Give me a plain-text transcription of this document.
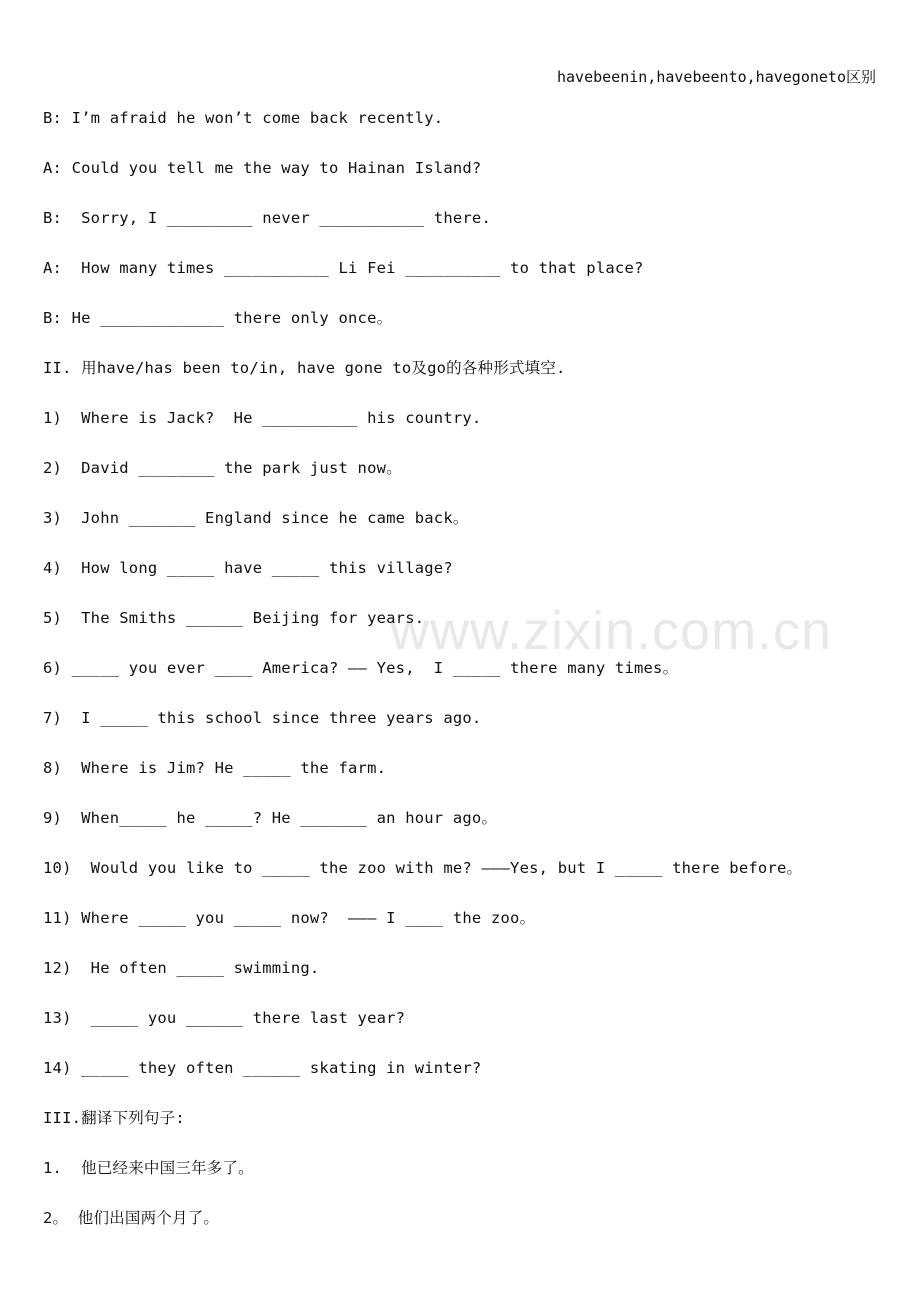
havebeenin,havebeento,havegoneto区别
www.zixin.com.cn
B: I’m afraid he won’t come back recently.
A: Could you tell me the way to Hainan Island?
B:  Sorry, I _________ never ___________ there.
A:  How many times ___________ Li Fei __________ to that place?
B: He _____________ there only once。
II. 用have/has been to/in, have gone to及go的各种形式填空.
1)  Where is Jack?  He __________ his country.
2)  David ________ the park just now。
3)  John _______ England since he came back。
4)  How long _____ have _____ this village?
5)  The Smiths ______ Beijing for years.
6) _____ you ever ____ America? —— Yes,  I _____ there many times。
7)  I _____ this school since three years ago.
8)  Where is Jim? He _____ the farm.
9)  When_____ he _____? He _______ an hour ago。
10)  Would you like to _____ the zoo with me? ———Yes, but I _____ there before。
11) Where _____ you _____ now?  ——— I ____ the zoo。
12)  He often _____ swimming.
13)  _____ you ______ there last year?
14) _____ they often ______ skating in winter?
III.翻译下列句子:
1.  他已经来中国三年多了。
2。 他们出国两个月了。
